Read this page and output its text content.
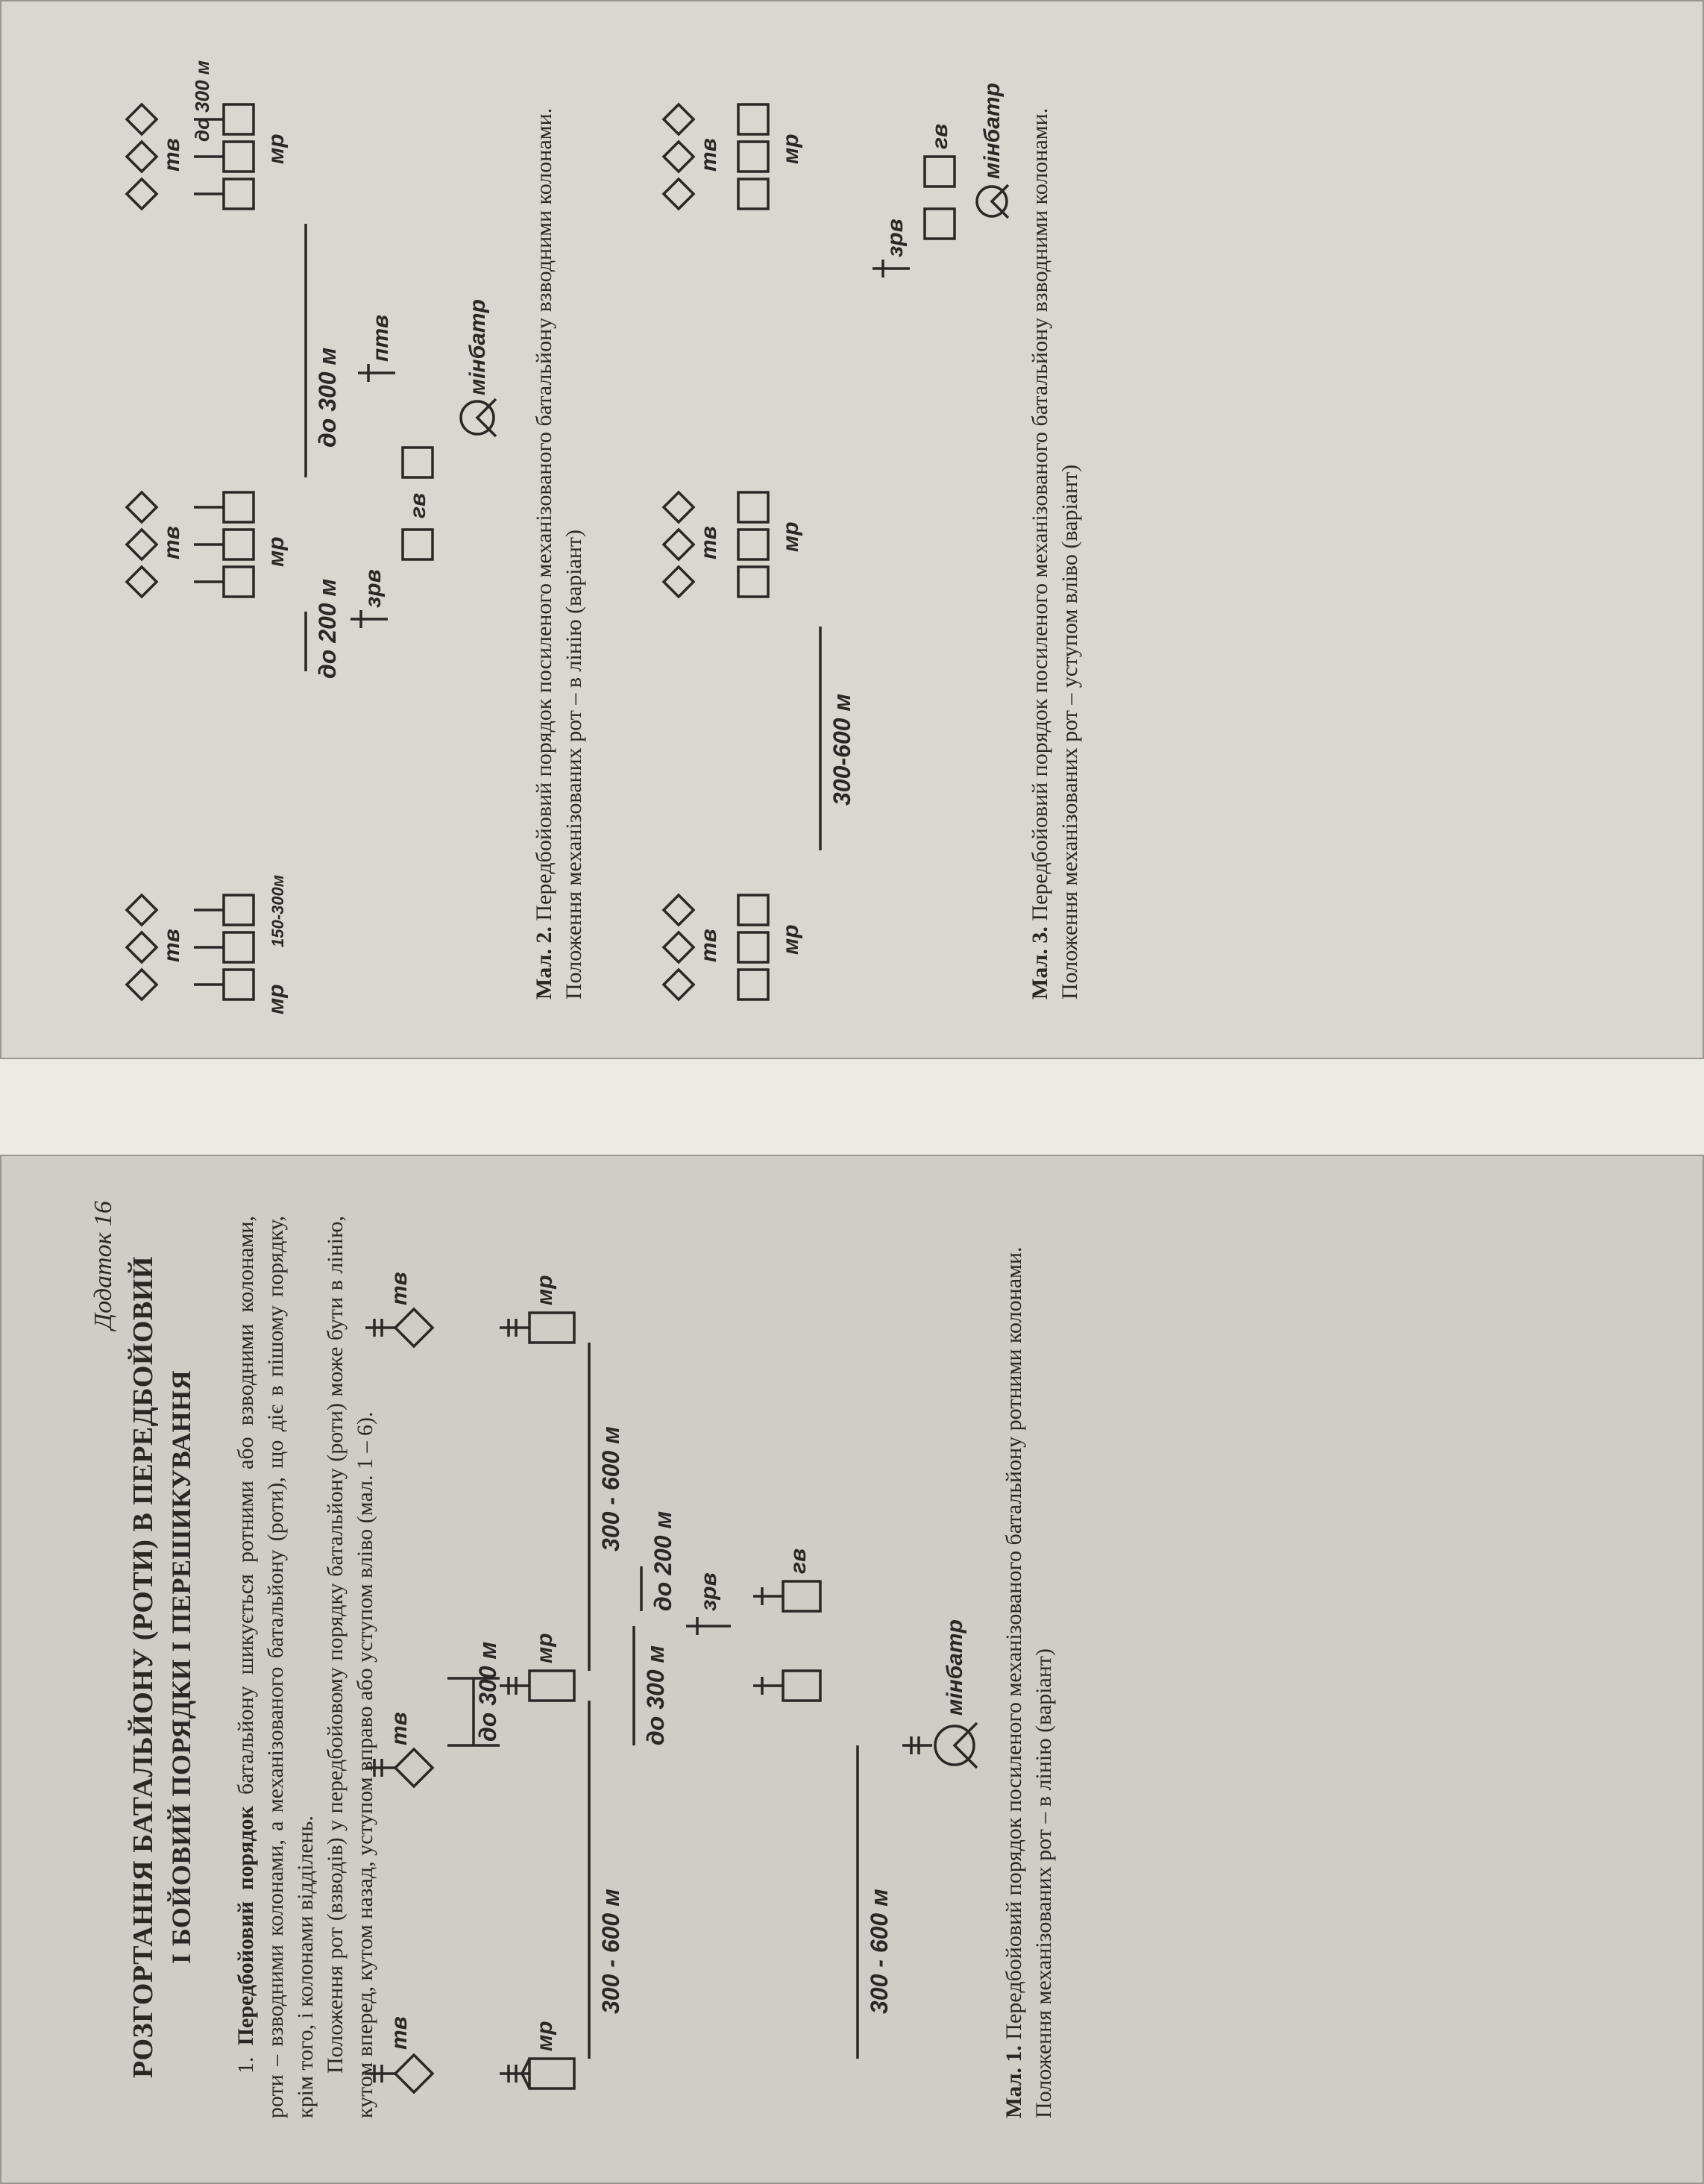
Додаток 16 РОЗГОРТАННЯ БАТАЛЬЙОНУ (РОТИ) В ПЕРЕДБОЙОВИЙ І БОЙОВИЙ ПОРЯДКИ І ПЕРЕШИКУВАННЯ

1. Передбойовий порядок батальйону шикується ротними або взводними колонами, роти – взводними колонами, а механізованого батальйону (роти), що діє в пішому порядку, крім того, і колонами відділень. Положення рот (взводів) у передбойовому порядку батальйону (роти) може бути в лінію, кутом вперед, кутом назад, уступом вправо або уступом вліво (мал. 1 – 6). тв
тв
тв
до 300 м
мр
мр
мр
300 - 600 м
300 - 600 м
до 300 м
до 200 м зрв
гв
300 - 600 м
мінбатр
Мал. 1. Передбойовий порядок посиленого механізованого батальйону ротними колонами. Положення механізованих рот – в лінію (варіант)
тв
тв
тв
мр
150-300м
мр
мр
до 200 м
до 300 м
до 300 м
зрв
гв
птв	мінбатр
Мал. 2. Передбойовий порядок посиленого механізованого батальйону взводними колонами. Положення механізованих рот – в лінію (варіант)	тв
тв
тв
мр
мр
мр
300-600 м
зрв
гв мінбатр
Мал. 3. Передбойовий порядок посиленого механізованого батальйону взводними колонами. Положення механізованих рот – уступом вліво (варіант)
